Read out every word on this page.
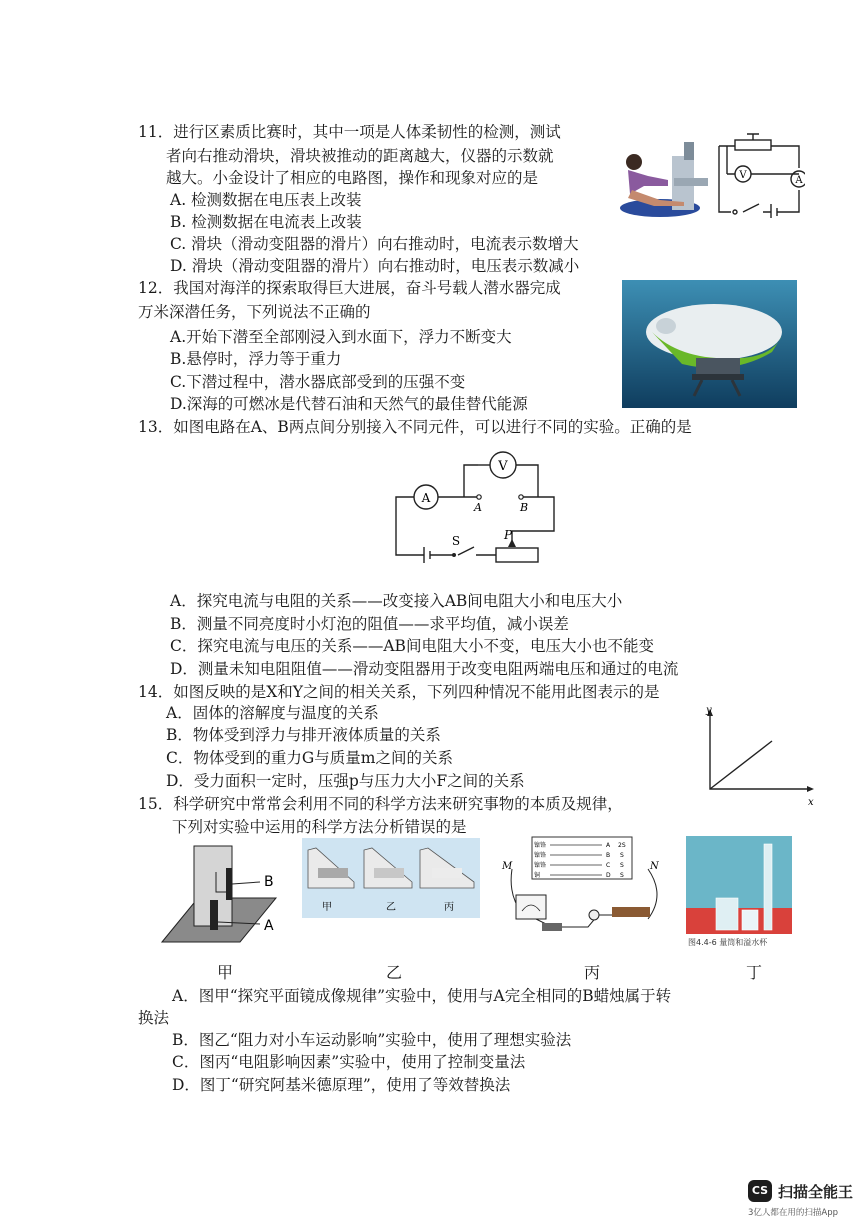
11．进行区素质比赛时，其中一项是人体柔韧性的检测，测试
者向右推动滑块，滑块被推动的距离越大，仪器的示数就
越大。小金设计了相应的电路图，操作和现象对应的是
A. 检测数据在电压表上改装
B. 检测数据在电流表上改装
C. 滑块（滑动变阻器的滑片）向右推动时，电流表示数增大
D. 滑块（滑动变阻器的滑片）向右推动时，电压表示数减小
V	A
12．我国对海洋的探索取得巨大进展，奋斗号载人潜水器完成
万米深潜任务，下列说法不正确的
A.开始下潜至全部刚浸入到水面下，浮力不断变大
B.悬停时，浮力等于重力
C.下潜过程中，潜水器底部受到的压强不变
D.深海的可燃冰是代替石油和天然气的最佳替代能源
13．如图电路在A、B两点间分别接入不同元件，可以进行不同的实验。正确的是
V
A
A	B
S	P
A．探究电流与电阻的关系——改变接入AB间电阻大小和电压大小
B．测量不同亮度时小灯泡的阻值——求平均值，减小误差
C．探究电流与电压的关系——AB间电阻大小不变，电压大小也不能变
D．测量未知电阻阻值——滑动变阻器用于改变电阻两端电压和通过的电流
14．如图反映的是X和Y之间的相关关系，下列四种情况不能用此图表示的是
A．固体的溶解度与温度的关系
B．物体受到浮力与排开液体质量的关系
C．物体受到的重力G与质量m之间的关系
D．受力面积一定时，压强p与压力大小F之间的关系
y
x
15．科学研究中常常会利用不同的科学方法来研究事物的本质及规律，
下列对实验中运用的科学方法分析错误的是
B
A
甲	乙	丙
镍铬
镍铬
镍铬
铜
A
B
C
D
2S
S
S
S
M	N
图4.4-6 量筒和溢水杯
甲	乙	丙	丁
A．图甲“探究平面镜成像规律”实验中，使用与A完全相同的B蜡烛属于转
换法
B．图乙“阻力对小车运动影响”实验中，使用了理想实验法
C．图丙“电阻影响因素”实验中，使用了控制变量法
D．图丁“研究阿基米德原理”，使用了等效替换法
CS 扫描全能王
3亿人都在用的扫描App
